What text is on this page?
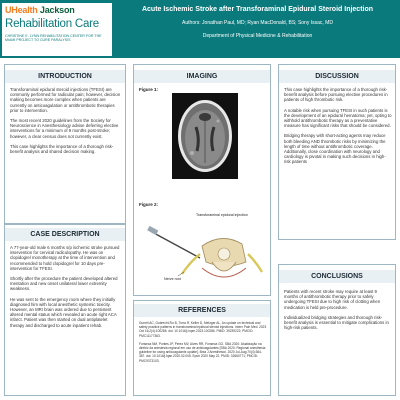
UHealth Jackson
Rehabilitation Care
CHRISTINE E. LYNN REHABILITATION CENTER FOR THE MIAMI PROJECT TO CURE PARALYSIS
Acute Ischemic Stroke after Transforaminal Epidural Steroid Injection
Authors: Jonathan Paul, MD; Ryan MacDonald, BS; Sony Issac, MD
Department of Physical Medicine & Rehabilitation
INTRODUCTION

Transforaminal epidural steroid injections (TFESI) are commonly performed for radicular pain; however, decision making becomes more complex when patients are currently on anticoagulation or antithrombotic therapies prior to intervention.

The most recent 2020 guidelines from the Society for Neuroscience in Anesthesiology advise deferring elective interventions for a minimum of 9 months post-stroke; however, a clear census does not currently exist.

This case highlights the importance of a thorough risk-benefit analysis and shared decision making.

CASE DESCRIPTION

A 77-year-old male 6 months s/p ischemic stroke pursued intervention for cervical radiculopathy. He was on clopidogrel monotherapy at the time of intervention and recommended to hold clopidogrel for 10 days pre-intervention for TFESI.

Shortly after the procedure the patient developed altered mentation and new onset unilateral lower extremity weakness.

He was sent to the emergency room where they initially diagnosed him with local anesthetic systemic toxicity. However, an MRI brain was ordered due to persistent altered mental status which revealed an acute right ACA infarct. Patient was then started on dual antiplatelet therapy and discharged to acute inpatient rehab.

IMAGING
Figure 1:
Figure 2:
Transforaminal epidural injection
Nerve root
REFERENCES

Gurrell AC, Gobrecht-Ro B, Turra R, Keller D, Metzger AL. An update on technical and safety practice patterns in transforaminal epidural steroid injections. Interv Pain Med. 2023 Oct 16;2(4):100286. doi: 10.1016/j.inpm.2023.100286. PMID: 39239222; PMCID: PMC11177363.

Fonseca NM, Pontes JP, Perez MV, Alves RR, Fonseca GG. SBA 2020: Atualização na diretriz da anestesia regional em uso de anticoagulantes [SBA 2020: Regional anesthesia guideline for using anticoagulants update]. Braz J Anesthesiol. 2020 Jul-Aug;70(4):364-387. doi: 10.1016/j.bjan.2020.02.006. Epub 2020 May 22. PMID: 32660771; PMCID: PMC9373103.

DISCUSSION

This case highlights the importance of a thorough risk-benefit analysis before pursuing elective procedures in patients of high thrombotic risk.

A notable risk when pursuing TFESI in such patients is the development of an epidural hematoma; yet, opting to withhold antithrombotic therapy as a preventative measure has significant risks that should be considered.

Bridging therapy with short-acting agents may reduce both bleeding AND thrombotic risks by minimizing the length of time without antithrombotic coverage. Additionally, close coordination with neurology and cardiology is pivotal in making such decisions in high-risk patients

CONCLUSIONS

Patients with recent stroke may require at least 9 months of antithrombotic therapy prior to safely undergoing TFESI due to high risk of clotting when medication is held pre-procedure.

Individualized bridging strategies and thorough risk-benefit analysis is essential to mitigate complications in high-risk patients.
